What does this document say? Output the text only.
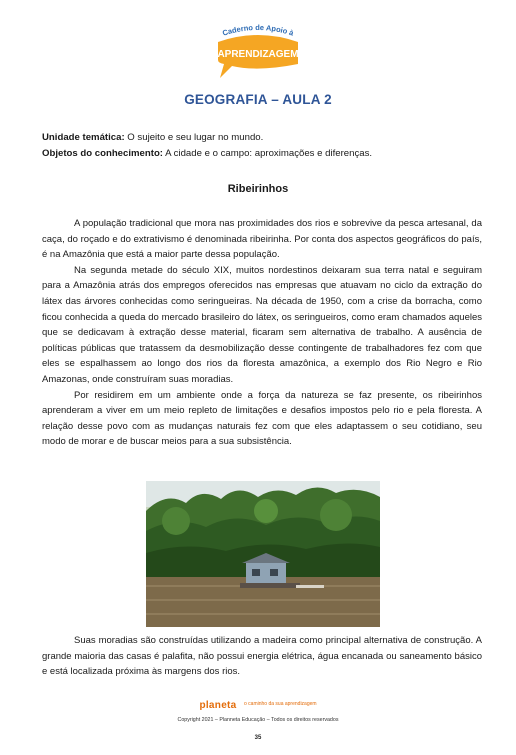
Caderno de Apoio à
APRENDIZAGEM
GEOGRAFIA – AULA 2
Unidade temática: O sujeito e seu lugar no mundo.
Objetos do conhecimento: A cidade e o campo: aproximações e diferenças.
Ribeirinhos

A população tradicional que mora nas proximidades dos rios e sobrevive da pesca artesanal, da caça, do roçado e do extrativismo é denominada ribeirinha. Por conta dos aspectos geográficos do país, é na Amazônia que está a maior parte dessa população.

Na segunda metade do século XIX, muitos nordestinos deixaram sua terra natal e seguiram para a Amazônia atrás dos empregos oferecidos nas empresas que atuavam no ciclo da extração do látex das árvores conhecidas como seringueiras. Na década de 1950, com a crise da borracha, como ficou conhecida a queda do mercado brasileiro do látex, os seringueiros, como eram chamados aqueles que se dedicavam à extração desse material, ficaram sem alternativa de trabalho. A ausência de políticas públicas que tratassem da desmobilização desse contingente de trabalhadores fez com que eles se espalhassem ao longo dos rios da floresta amazônica, a exemplo dos Rio Negro e Rio Amazonas, onde construíram suas moradias.

Por residirem em um ambiente onde a força da natureza se faz presente, os ribeirinhos aprenderam a viver em um meio repleto de limitações e desafios impostos pelo rio e pela floresta. A relação desse povo com as mudanças naturais fez com que eles adaptassem o seu cotidiano, seu modo de morar e de buscar meios para a sua subsistência.

Suas moradias são construídas utilizando a madeira como principal alternativa de construção. A grande maioria das casas é palafita, não possui energia elétrica, água encanada ou saneamento básico e está localizada próxima às margens dos rios.

planeta o caminho da sua aprendizagem
Copyright 2021 – Planneta Educação – Todos os direitos reservados
35
